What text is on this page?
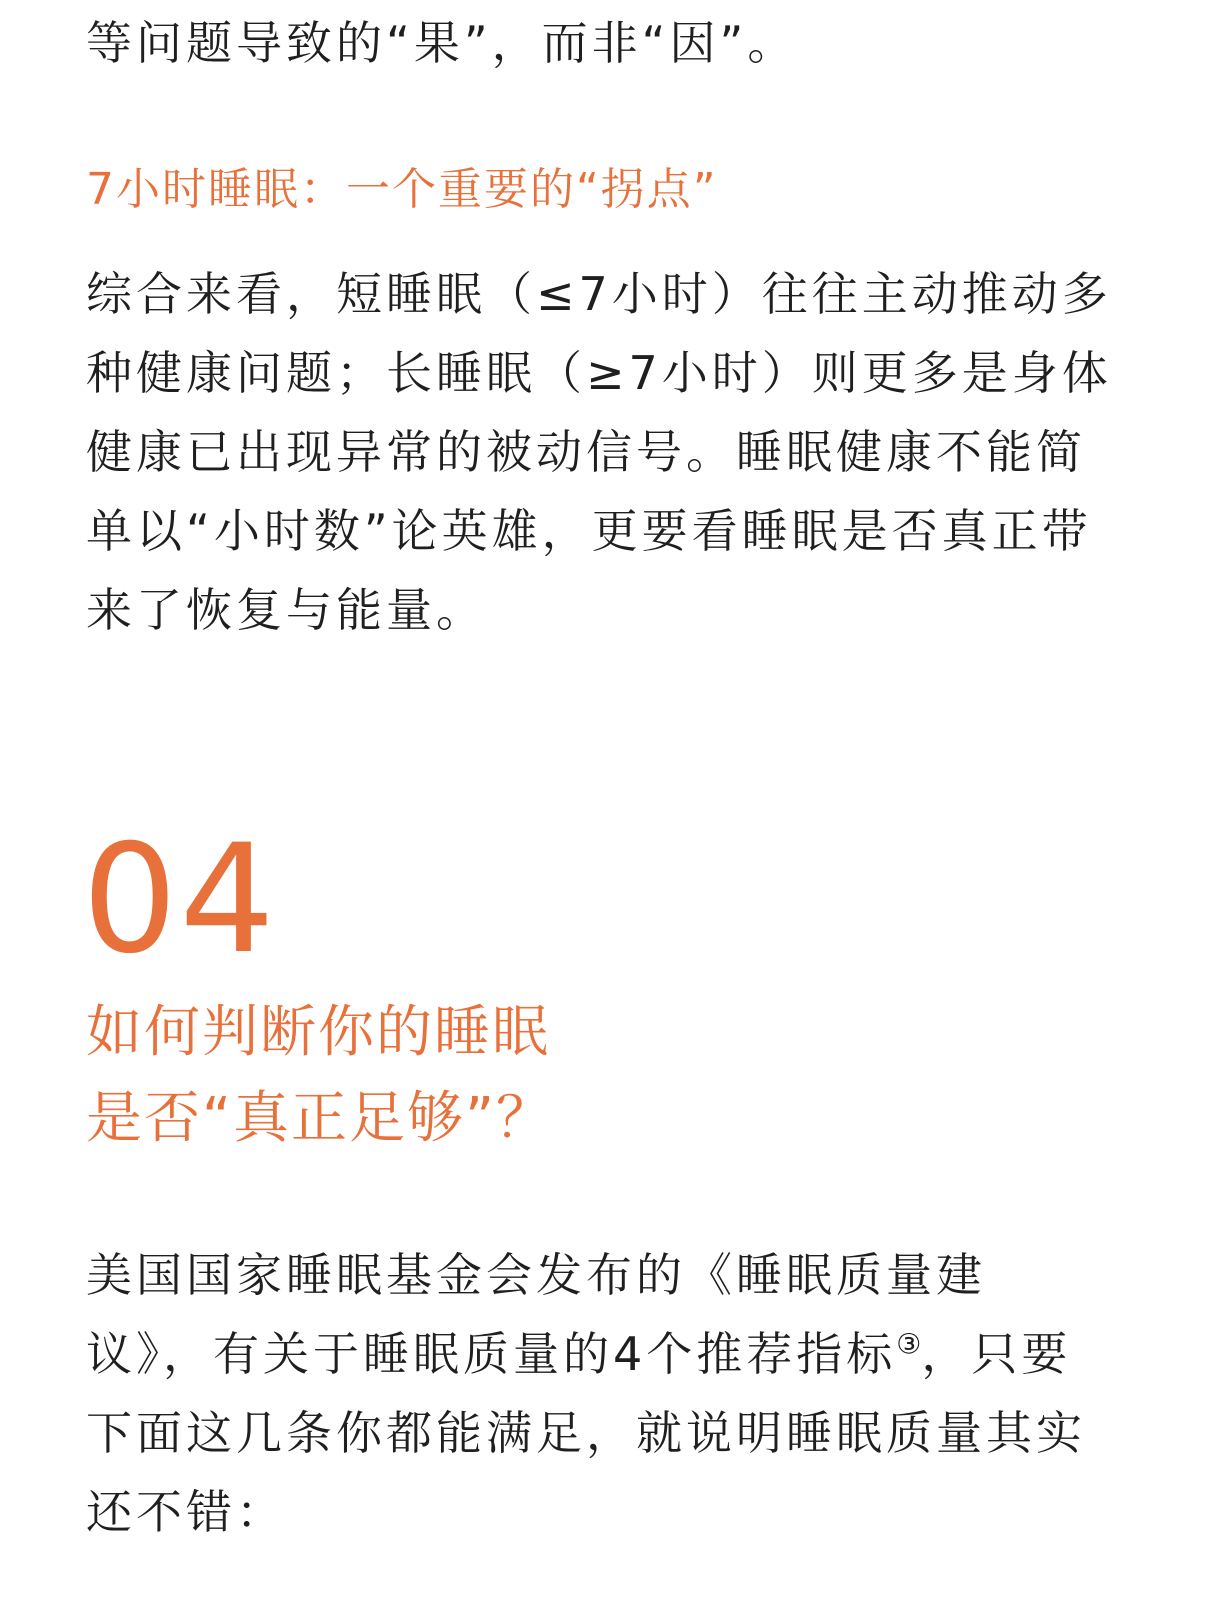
等问题导致的“果”，而非“因”。

7小时睡眠：一个重要的“拐点”

综合来看，短睡眠（≤7小时）往往主动推动多
种健康问题；长睡眠（≥7小时）则更多是身体
健康已出现异常的被动信号。睡眠健康不能简
单以“小时数”论英雄，更要看睡眠是否真正带
来了恢复与能量。

04
如何判断你的睡眠
是否“真正足够”？

美国国家睡眠基金会发布的《睡眠质量建
议》，有关于睡眠质量的4个推荐指标③，只要
下面这几条你都能满足，就说明睡眠质量其实
还不错：
